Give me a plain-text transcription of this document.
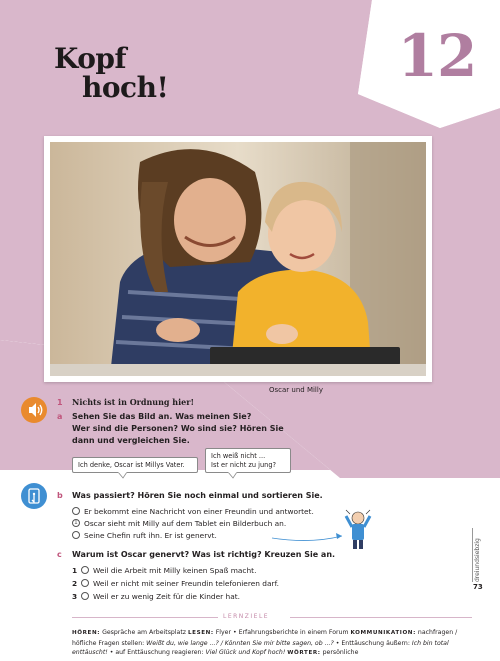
Kopf
hoch!	12
Oscar und Milly
1 Nichts ist in Ordnung hier!
a Sehen Sie das Bild an. Was meinen Sie?
Wer sind die Personen? Wo sind sie? Hören Sie
dann und vergleichen Sie.
Ich denke, Oscar ist Millys Vater.
Ich weiß nicht ...
Ist er nicht zu jung?
b Was passiert? Hören Sie noch einmal und sortieren Sie.
Er bekommt eine Nachricht von einer Freundin und antwortet.
1 Oscar sieht mit Milly auf dem Tablet ein Bilderbuch an.
Seine Chefin ruft ihn. Er ist genervt.
c Warum ist Oscar genervt? Was ist richtig? Kreuzen Sie an.
1 Weil die Arbeit mit Milly keinen Spaß macht.
2 Weil er nicht mit seiner Freundin telefonieren darf.
3 Weil er zu wenig Zeit für die Kinder hat.
dreiundsiebzig
73
LERNZIELE
HÖREN: Gespräche am Arbeitsplatz LESEN: Flyer • Erfahrungsberichte in einem Forum KOMMUNIKATION: nachfragen / höfliche Fragen stellen: Weißt du, wie lange ...? / Könnten Sie mir bitte sagen, ob ...? • Enttäuschung äußern: Ich bin total enttäuscht! • auf Enttäuschung reagieren: Viel Glück und Kopf hoch! WÖRTER: persönliche
